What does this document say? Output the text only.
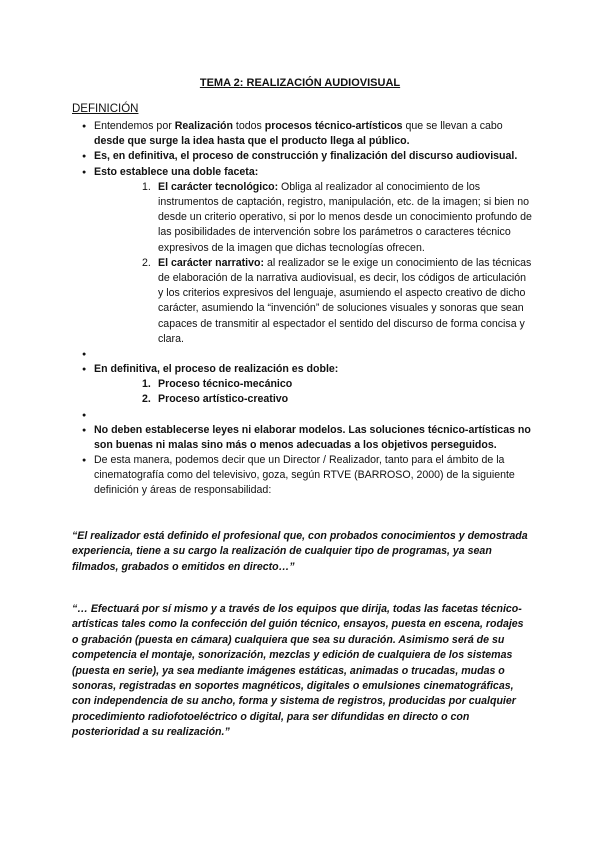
TEMA 2: REALIZACIÓN AUDIOVISUAL
DEFINICIÓN
● Entendemos por Realización todos procesos técnico-artísticos que se llevan a cabo desde que surge la idea hasta que el producto llega al público.
● Es, en definitiva, el proceso de construcción y finalización del discurso audiovisual.
● Esto establece una doble faceta:
1. El carácter tecnológico: Obliga al realizador al conocimiento de los instrumentos de captación, registro, manipulación, etc. de la imagen; si bien no desde un criterio operativo, si por lo menos desde un conocimiento profundo de las posibilidades de intervención sobre los parámetros o caracteres técnico expresivos de la imagen que dichas tecnologías ofrecen.
2. El carácter narrativo: al realizador se le exige un conocimiento de las técnicas de elaboración de la narrativa audiovisual, es decir, los códigos de articulación y los criterios expresivos del lenguaje, asumiendo el aspecto creativo de dicho carácter, asumiendo la “invención” de soluciones visuales y sonoras que sean capaces de transmitir al espectador el sentido del discurso de forma concisa y clara.
●
● En definitiva, el proceso de realización es doble:
1. Proceso técnico-mecánico
2. Proceso artístico-creativo
●
● No deben establecerse leyes ni elaborar modelos. Las soluciones técnico-artísticas no son buenas ni malas sino más o menos adecuadas a los objetivos perseguidos.
● De esta manera, podemos decir que un Director / Realizador, tanto para el ámbito de la cinematografía como del televisivo, goza, según RTVE (BARROSO, 2000) de la siguiente definición y áreas de responsabilidad:
“El realizador está definido el profesional que, con probados conocimientos y demostrada experiencia, tiene a su cargo la realización de cualquier tipo de programas, ya sean filmados, grabados o emitidos en directo…”
“… Efectuará por sí mismo y a través de los equipos que dirija, todas las facetas técnico-artísticas tales como la confección del guión técnico, ensayos, puesta en escena, rodajes o grabación (puesta en cámara) cualquiera que sea su duración. Asimismo será de su competencia el montaje, sonorización, mezclas y edición de cualquiera de los sistemas (puesta en serie), ya sea mediante imágenes estáticas, animadas o trucadas, mudas o sonoras, registradas en soportes magnéticos, digitales o emulsiones cinematográficas, con independencia de su ancho, forma y sistema de registros, producidas por cualquier procedimiento radiofotoeléctrico o digital, para ser difundidas en directo o con posterioridad a su realización.”
